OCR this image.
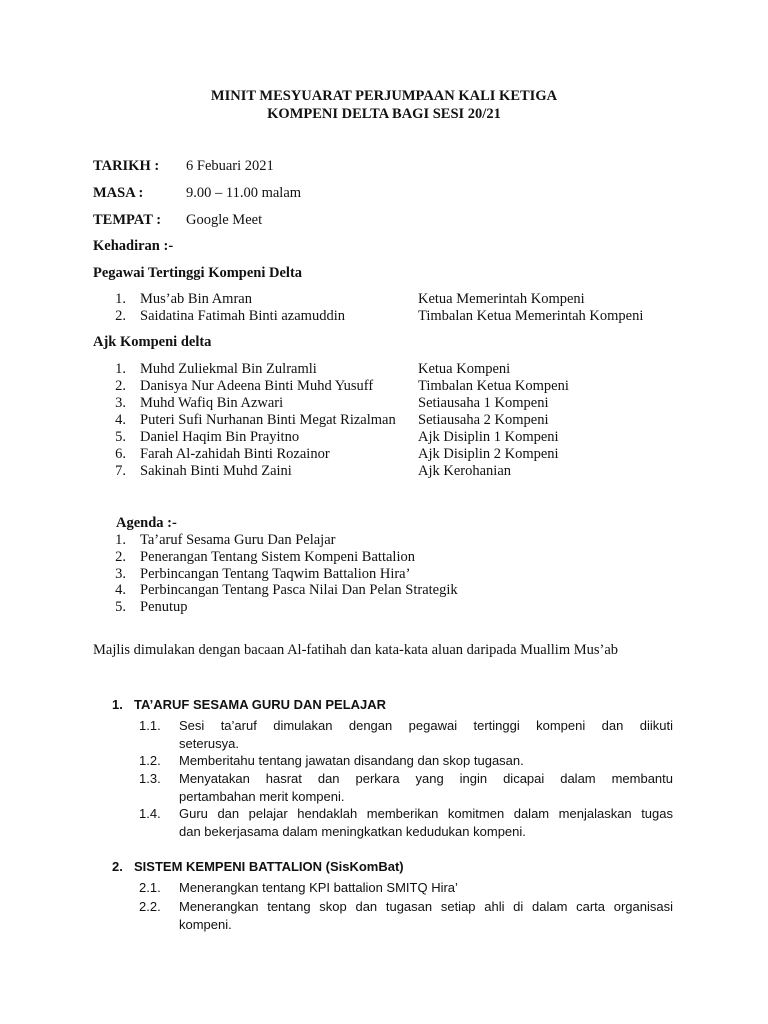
MINIT MESYUARAT PERJUMPAAN KALI KETIGA
KOMPENI DELTA BAGI SESI 20/21
TARIKH : 6 Febuari 2021
MASA :	9.00 – 11.00 malam
TEMPAT : Google Meet
Kehadiran :-
Pegawai Tertinggi Kompeni Delta
1. Mus’ab Bin Amran	Ketua Memerintah Kompeni
2. Saidatina Fatimah Binti azamuddin	Timbalan Ketua Memerintah Kompeni
Ajk Kompeni delta
1. Muhd Zuliekmal Bin Zulramli	Ketua Kompeni
2. Danisya Nur Adeena Binti Muhd Yusuff	Timbalan Ketua Kompeni
3. Muhd Wafiq Bin Azwari	Setiausaha 1 Kompeni
4. Puteri Sufi Nurhanan Binti Megat Rizalman Setiausaha 2 Kompeni
5. Daniel Haqim Bin Prayitno	Ajk Disiplin 1 Kompeni
6. Farah Al-zahidah Binti Rozainor	Ajk Disiplin 2 Kompeni
7. Sakinah Binti Muhd Zaini	Ajk Kerohanian
Agenda :-
1. Ta’aruf Sesama Guru Dan Pelajar
2. Penerangan Tentang Sistem Kompeni Battalion
3. Perbincangan Tentang Taqwim Battalion Hira’
4. Perbincangan Tentang Pasca Nilai Dan Pelan Strategik
5. Penutup
Majlis dimulakan dengan bacaan Al-fatihah dan kata-kata aluan daripada Muallim Mus’ab
1. TA’ARUF SESAMA GURU DAN PELAJAR
1.1. Sesi ta’aruf dimulakan dengan pegawai tertinggi kompeni dan diikuti
seterusya.
1.2. Memberitahu tentang jawatan disandang dan skop tugasan.
1.3. Menyatakan hasrat dan perkara yang ingin dicapai dalam membantu
pertambahan merit kompeni.
1.4. Guru dan pelajar hendaklah memberikan komitmen dalam menjalaskan tugas
dan bekerjasama dalam meningkatkan kedudukan kompeni.
2. SISTEM KEMPENI BATTALION (SisKomBat)
2.1. Menerangkan tentang KPI battalion SMITQ Hira’
2.2. Menerangkan tentang skop dan tugasan setiap ahli di dalam carta organisasi
kompeni.
